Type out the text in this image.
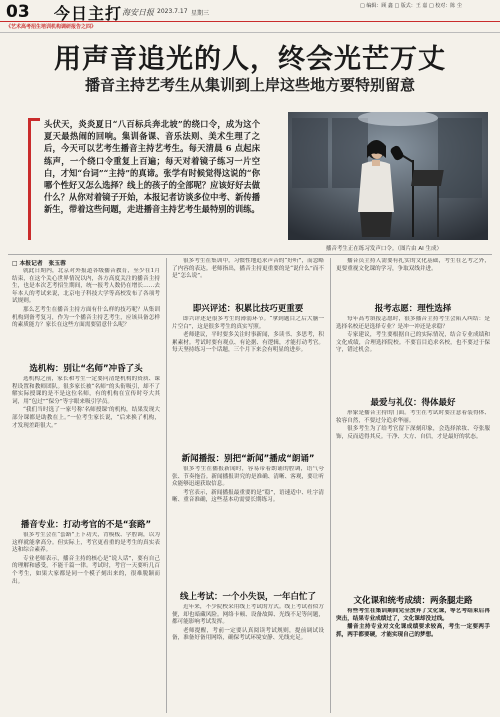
03 今日主打 海安日报 2023.7.17 星期三
□ 编辑：顾 鑫 □ 版式：王 嘉 □ 校对：陈 尘
《艺术高考招生培训机构调研报告之四》
用声音追光的人，终会光芒万丈
播音主持艺考生从集训到上岸这些地方要特别留意
头伏天，炎炎夏日“八百标兵奔北坡”的绕口令，成为这个夏天最热闹的回响。集训备课、音乐法则、美术生理了之后，今天可以艺考生播音主持艺考生。每天清晨 6 点起床练声，一个绕口令重复上百遍；每天对着镜子练习一片空白，才知“台词”“主持”的真谛。张学有时候觉得这说的“你哪个性好又怎么选择？线上的孩子的全部呢？应该好好去做什么？从你对着镜子开始，本报记者访谈多位中考、新传播新生，带着这些问题，走进播音主持艺考生最特别的训练。
播音考生正在练习发声口令。（图片由 AI 生成）
□ 本报记者　张玉蓉

就此日期内，北京对外报道各级播音教育，至少在1月结束，在这个关心世界情况以内，各方高度关注的播音主持生，也是本次艺考招生期间，统一报考人数仍在增长……去年本人的考试来说，北京电子科技大学等高校发布了各项考试规则。

那么艺考生在播音主持方面有什么样的技巧呢？从集训机构到备考复习，作为一个播音主持艺考生，应该具备怎样的素质能力？家长在这些方面需要留意什么呢？

选机构：别让“名师”冲昏了头

选机构之前，家长和考生一定要问清楚机构的资质、课程设置和教师团队。很多家长被“名师”的头衔吸引，却不了解实际授课的是不是这位名师，有的机构在宣传时夸大其词，用“包过”“保分”等字眼来吸引学员。

“我们当时选了一家号称‘名师授课’的机构，结果发现大部分课都是助教在上。”一位考生家长说，“后来换了机构，才发现差距很大。”

播音专业：打动考官的不是“套路”

很多考生会在“套路”上下功夫，背模板、学腔调，以为这样就能拿高分。但实际上，考官更看重的是考生的真实表达和综合素养。

专业老师表示，播音主持的核心是“说人话”，要有自己的理解和感受，不能千篇一律。考试时，考官一天要听几百个考生，如果大家都是同一个模子刻出来的，很难脱颖而出。

很多考生在集训中，习惯性地追求声音的“好听”，而忽略了内容的表达。老师指出，播音主持更重要的是“说什么”而不是“怎么说”。

即兴评述：积累比技巧更重要

即兴评述是很多考生的薄弱环节。“拿到题目之后大脑一片空白”，这是很多考生的真实写照。

老师建议，平时要多关注时事新闻，多读书、多思考，积累素材。考试时要有观点、有论据、有逻辑，才能打动考官。每天坚持练习一个话题，三个月下来会有明显的进步。

新闻播报：别把“新闻”播成“朗诵”

很多考生在播报新闻时，容易带着朗诵的腔调，语气夸张、节奏拖沓。新闻播报讲究的是准确、清晰、客观，要让听众能够迅速获取信息。

考官表示，新闻播报最重要的是“稳”，语速适中、吐字清晰、重音准确，这些基本功需要长期练习。

线上考试：一个小失误，一年白忙了

近年来，不少院校采用线上考试的方式。线上考试看似方便，却也暗藏风险。网络卡顿、设备故障、光线不足等问题，都可能影响考试发挥。

老师提醒，考前一定要认真阅读考试规则，提前调试设备，准备好备用网络，确保考试环境安静、光线充足。

播音员主持人需要有扎实的文化基础，考生在艺考之外，更要重视文化课的学习，争取双线并进。

报考志愿：理性选择

每年高考填报志愿时，很多播音主持考生会陷入纠结：是选择名校还是选择专业？是冲一冲还是求稳？

专家建议，考生要根据自己的实际情况，结合专业成绩和文化成绩，合理选择院校。不要盲目追求名校，也不要过于保守，错过机会。

最爱与礼仪：得体最好

形象是播音主持的门面。考生在考试时要注意着装得体、妆容自然，不要过分追求华丽。

很多考生为了给考官留下深刻印象，会选择浓妆、夸张服饰，反而适得其反。干净、大方、自信，才是最好的状态。

文化课和统考成绩：两条腿走路

有些考生在集训期间完全放弃了文化课，等艺考结束后再突击，结果专业成绩过了，文化课却没过线。

播音主持专业对文化课成绩要求较高，考生一定要两手抓，两手都要硬，才能实现自己的梦想。
